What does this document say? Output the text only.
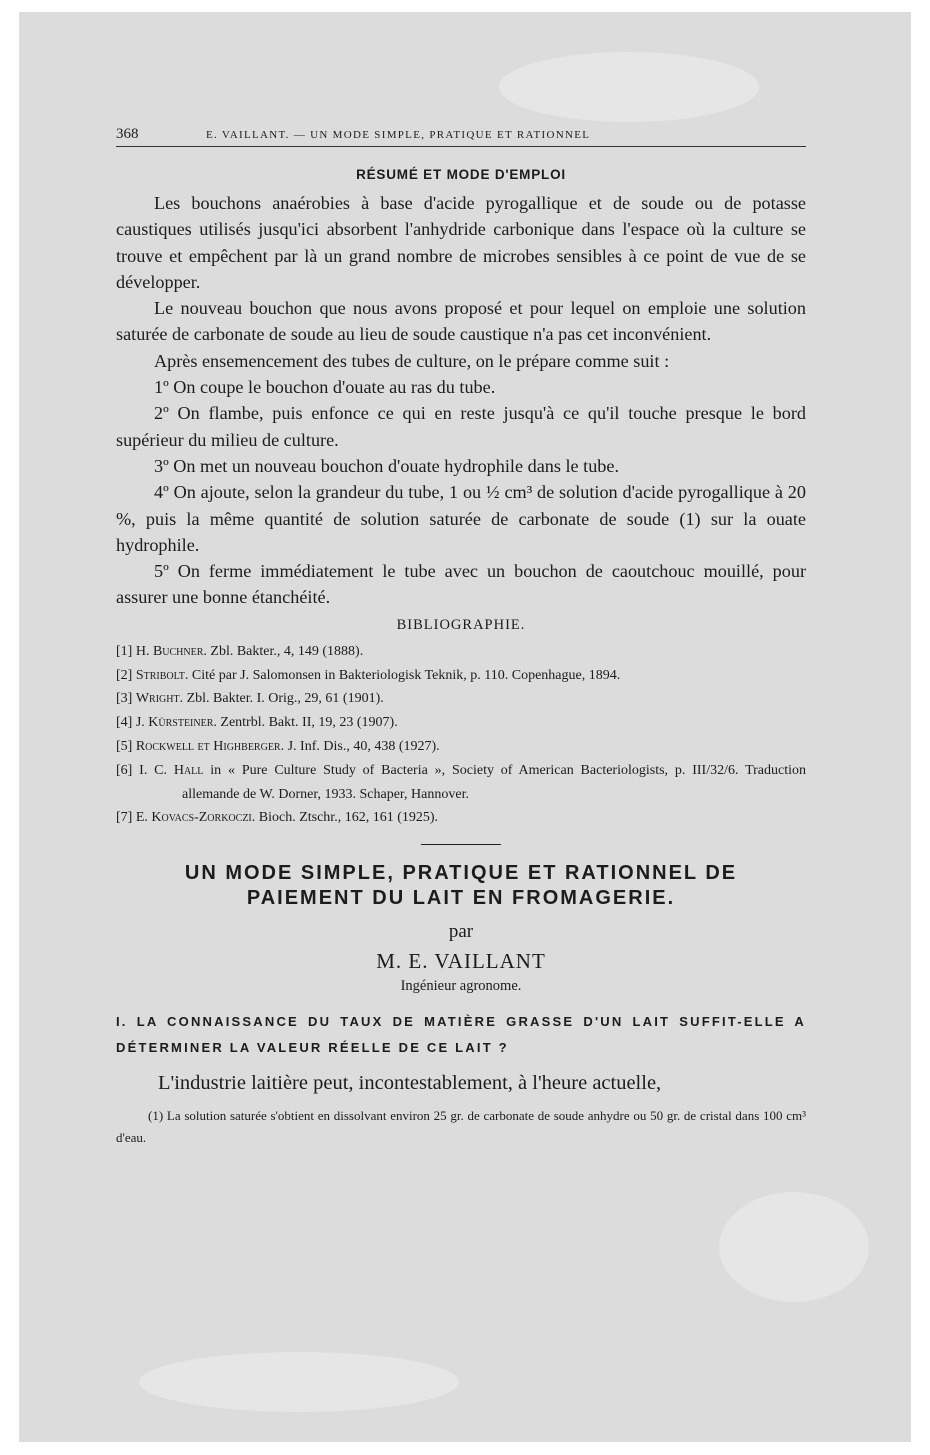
368	E. VAILLANT. — UN MODE SIMPLE, PRATIQUE ET RATIONNEL
RÉSUMÉ ET MODE D'EMPLOI

Les bouchons anaérobies à base d'acide pyrogallique et de soude ou de potasse caustiques utilisés jusqu'ici absorbent l'anhydride carbonique dans l'espace où la culture se trouve et empêchent par là un grand nombre de microbes sensibles à ce point de vue de se développer.

Le nouveau bouchon que nous avons proposé et pour lequel on emploie une solution saturée de carbonate de soude au lieu de soude caustique n'a pas cet inconvénient.

Après ensemencement des tubes de culture, on le prépare comme suit :

1º On coupe le bouchon d'ouate au ras du tube.

2º On flambe, puis enfonce ce qui en reste jusqu'à ce qu'il touche presque le bord supérieur du milieu de culture.

3º On met un nouveau bouchon d'ouate hydrophile dans le tube.

4º On ajoute, selon la grandeur du tube, 1 ou ½ cm³ de solution d'acide pyrogallique à 20 %, puis la même quantité de solution saturée de carbonate de soude (1) sur la ouate hydrophile.

5º On ferme immédiatement le tube avec un bouchon de caoutchouc mouillé, pour assurer une bonne étanchéité.

BIBLIOGRAPHIE.
[1] H. Buchner. Zbl. Bakter., 4, 149 (1888).
[2] Stribolt. Cité par J. Salomonsen in Bakteriologisk Teknik, p. 110. Copenhague, 1894.
[3] Wright. Zbl. Bakter. I. Orig., 29, 61 (1901).
[4] J. Kürsteiner. Zentrbl. Bakt. II, 19, 23 (1907).
[5] Rockwell et Highberger. J. Inf. Dis., 40, 438 (1927).
[6] I. C. Hall in « Pure Culture Study of Bacteria », Society of American Bacteriologists, p. III/32/6. Traduction allemande de W. Dorner, 1933. Schaper, Hannover.
[7] E. Kovacs-Zorkoczi. Bioch. Ztschr., 162, 161 (1925).
UN MODE SIMPLE, PRATIQUE ET RATIONNEL DE
PAIEMENT DU LAIT EN FROMAGERIE.
par
M. E. VAILLANT
Ingénieur agronome.
I. LA CONNAISSANCE DU TAUX DE MATIÈRE GRASSE D'UN LAIT SUFFIT-ELLE A DÉTERMINER LA VALEUR RÉELLE DE CE LAIT ?

L'industrie laitière peut, incontestablement, à l'heure actuelle,

(1) La solution saturée s'obtient en dissolvant environ 25 gr. de carbonate de soude anhydre ou 50 gr. de cristal dans 100 cm³ d'eau.
